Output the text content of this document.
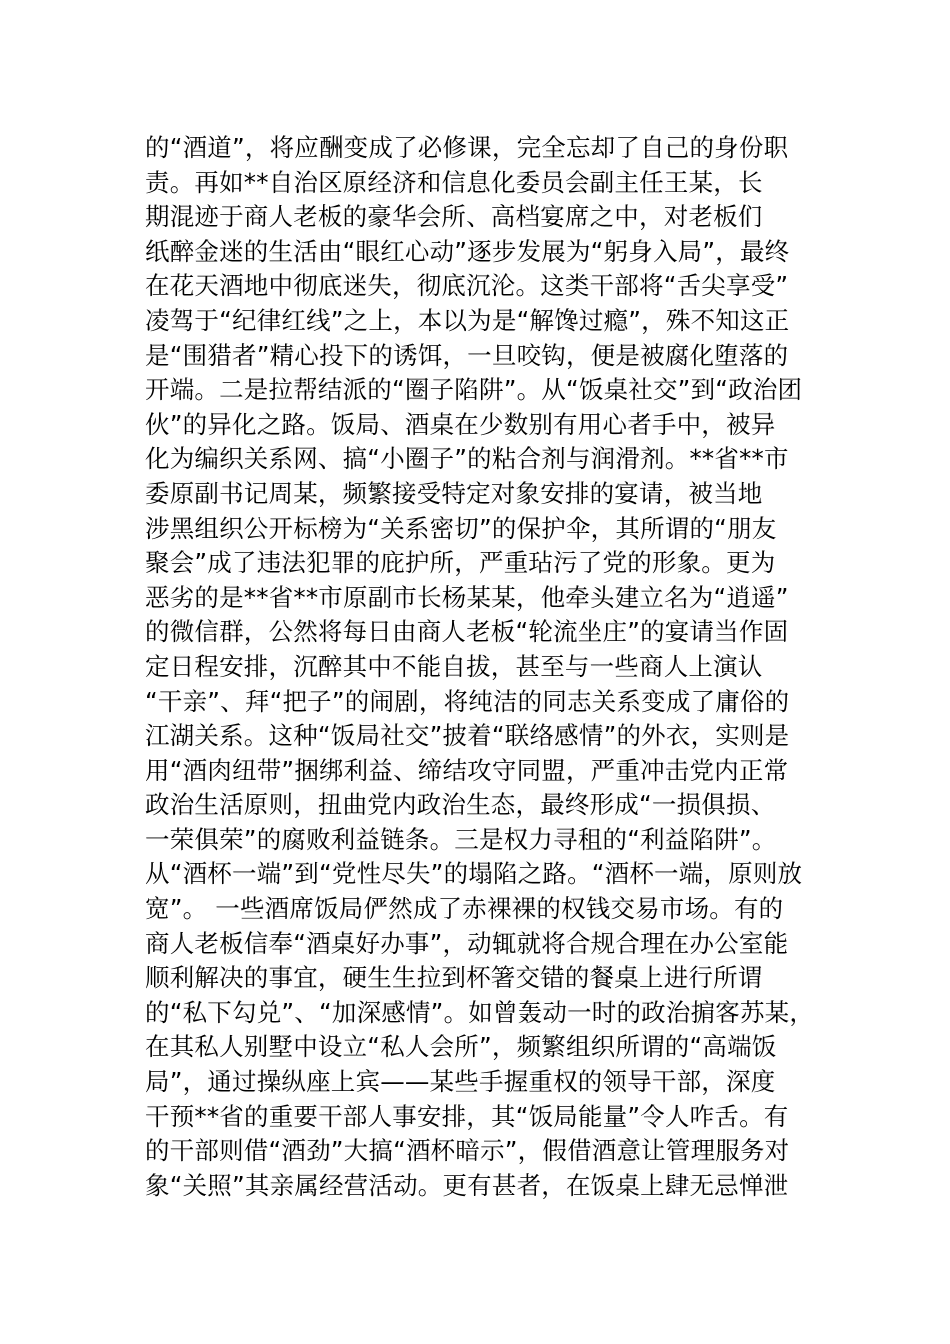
的“酒道”，将应酬变成了必修课，完全忘却了自己的身份职
责。再如**自治区原经济和信息化委员会副主任王某，长
期混迹于商人老板的豪华会所、高档宴席之中，对老板们
纸醉金迷的生活由“眼红心动”逐步发展为“躬身入局”，最终
在花天酒地中彻底迷失，彻底沉沦。这类干部将“舌尖享受”
凌驾于“纪律红线”之上，本以为是“解馋过瘾”，殊不知这正
是“围猎者”精心投下的诱饵，一旦咬钩，便是被腐化堕落的
开端。二是拉帮结派的“圈子陷阱”。从“饭桌社交”到“政治团
伙”的异化之路。饭局、酒桌在少数别有用心者手中，被异
化为编织关系网、搞“小圈子”的粘合剂与润滑剂。**省**市
委原副书记周某，频繁接受特定对象安排的宴请，被当地
涉黑组织公开标榜为“关系密切”的保护伞，其所谓的“朋友
聚会”成了违法犯罪的庇护所，严重玷污了党的形象。更为
恶劣的是**省**市原副市长杨某某，他牵头建立名为“逍遥”
的微信群，公然将每日由商人老板“轮流坐庄”的宴请当作固
定日程安排，沉醉其中不能自拔，甚至与一些商人上演认
“干亲”、拜“把子”的闹剧，将纯洁的同志关系变成了庸俗的
江湖关系。这种“饭局社交”披着“联络感情”的外衣，实则是
用“酒肉纽带”捆绑利益、缔结攻守同盟，严重冲击党内正常
政治生活原则，扭曲党内政治生态，最终形成“一损俱损、
一荣俱荣”的腐败利益链条。三是权力寻租的“利益陷阱”。
从“酒杯一端”到“党性尽失”的塌陷之路。“酒杯一端，原则放
宽”。 一些酒席饭局俨然成了赤裸裸的权钱交易市场。有的
商人老板信奉“酒桌好办事”，动辄就将合规合理在办公室能
顺利解决的事宜，硬生生拉到杯箸交错的餐桌上进行所谓
的“私下勾兑”、“加深感情”。如曾轰动一时的政治掮客苏某，
在其私人别墅中设立“私人会所”，频繁组织所谓的“高端饭
局”，通过操纵座上宾——某些手握重权的领导干部，深度
干预**省的重要干部人事安排，其“饭局能量”令人咋舌。有
的干部则借“酒劲”大搞“酒杯暗示”，假借酒意让管理服务对
象“关照”其亲属经营活动。更有甚者，在饭桌上肆无忌惮泄
